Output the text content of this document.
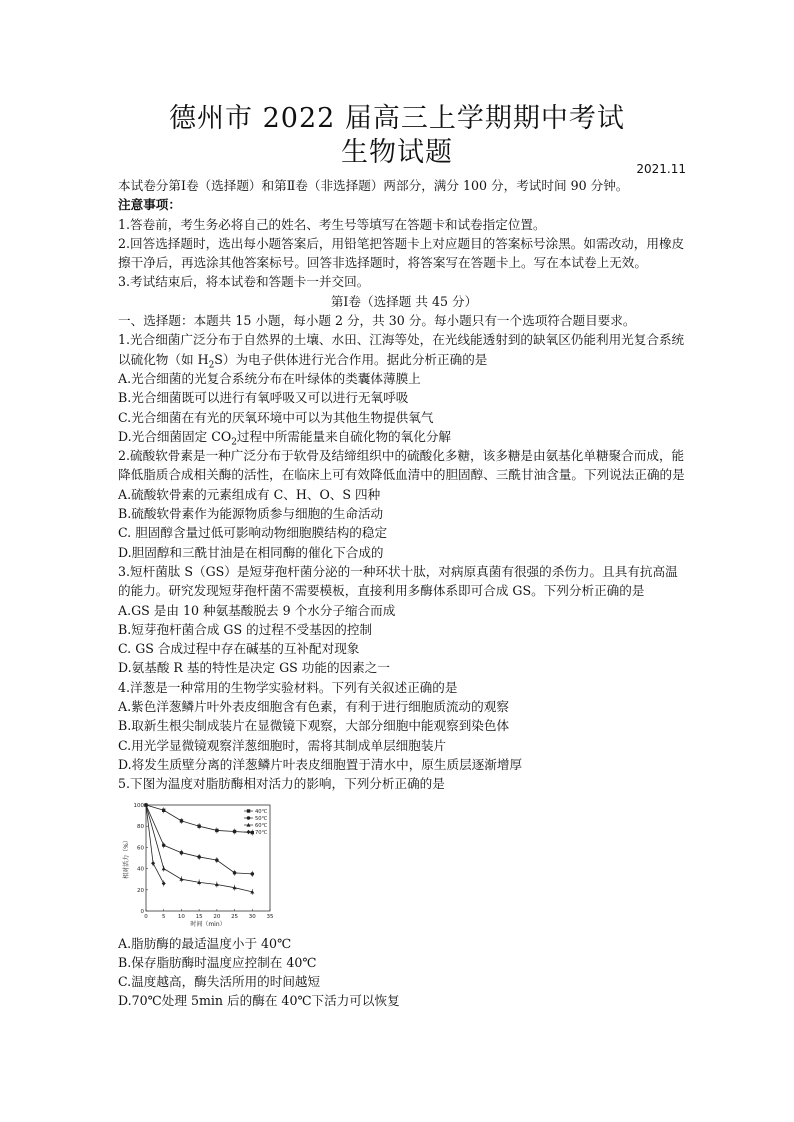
德州市 2022 届高三上学期期中考试
生物试题
2021.11

本试卷分第Ⅰ卷（选择题）和第Ⅱ卷（非选择题）两部分，满分 100 分，考试时间 90 分钟。

注意事项：

1.答卷前，考生务必将自己的姓名、考生号等填写在答题卡和试卷指定位置。

2.回答选择题时，选出每小题答案后，用铅笔把答题卡上对应题目的答案标号涂黑。如需改动，用橡皮擦干净后，再选涂其他答案标号。回答非选择题时，将答案写在答题卡上。写在本试卷上无效。

3.考试结束后，将本试卷和答题卡一并交回。

第Ⅰ卷（选择题 共 45 分）

一、选择题：本题共 15 小题，每小题 2 分，共 30 分。每小题只有一个选项符合题目要求。

1.光合细菌广泛分布于自然界的土壤、水田、江海等处，在光线能透射到的缺氧区仍能利用光复合系统以硫化物（如 $H_2S$）为电子供体进行光合作用。据此分析正确的是

A.光合细菌的光复合系统分布在叶绿体的类囊体薄膜上

B.光合细菌既可以进行有氧呼吸又可以进行无氧呼吸

C.光合细菌在有光的厌氧环境中可以为其他生物提供氧气

D.光合细菌固定 $CO_2$过程中所需能量来自硫化物的氧化分解

2.硫酸软骨素是一种广泛分布于软骨及结缔组织中的硫酸化多糖，该多糖是由氨基化单糖聚合而成，能降低脂质合成相关酶的活性，在临床上可有效降低血清中的胆固醇、三酰甘油含量。下列说法正确的是

A.硫酸软骨素的元素组成有 C、H、O、S 四种

B.硫酸软骨素作为能源物质参与细胞的生命活动

C. 胆固醇含量过低可影响动物细胞膜结构的稳定

D.胆固醇和三酰甘油是在相同酶的催化下合成的

3.短杆菌肽 S（GS）是短芽孢杆菌分泌的一种环状十肽，对病原真菌有很强的杀伤力。且具有抗高温的能力。研究发现短芽孢杆菌不需要模板，直接利用多酶体系即可合成 GS。下列分析正确的是

A.GS 是由 10 种氨基酸脱去 9 个水分子缩合而成

B.短芽孢杆菌合成 GS 的过程不受基因的控制

C. GS 合成过程中存在碱基的互补配对现象

D.氨基酸 R 基的特性是决定 GS 功能的因素之一

4.洋葱是一种常用的生物学实验材料。下列有关叙述正确的是

A.紫色洋葱鳞片叶外表皮细胞含有色素，有利于进行细胞质流动的观察

B.取新生根尖制成装片在显微镜下观察，大部分细胞中能观察到染色体

C.用光学显微镜观察洋葱细胞时，需将其制成单层细胞装片

D.将发生质壁分离的洋葱鳞片叶表皮细胞置于清水中，原生质层逐渐增厚

5.下图为温度对脂肪酶相对活力的影响，下列分析正确的是

0	5 10 15 20 25 30 35
0
20
40
60
80
100
时间（min）
相对活力（%）
40℃
50℃
60℃
70℃

A.脂肪酶的最适温度小于 40℃

B.保存脂肪酶时温度应控制在 40℃

C.温度越高，酶失活所用的时间越短

D.70℃处理 5min 后的酶在 40℃下活力可以恢复
